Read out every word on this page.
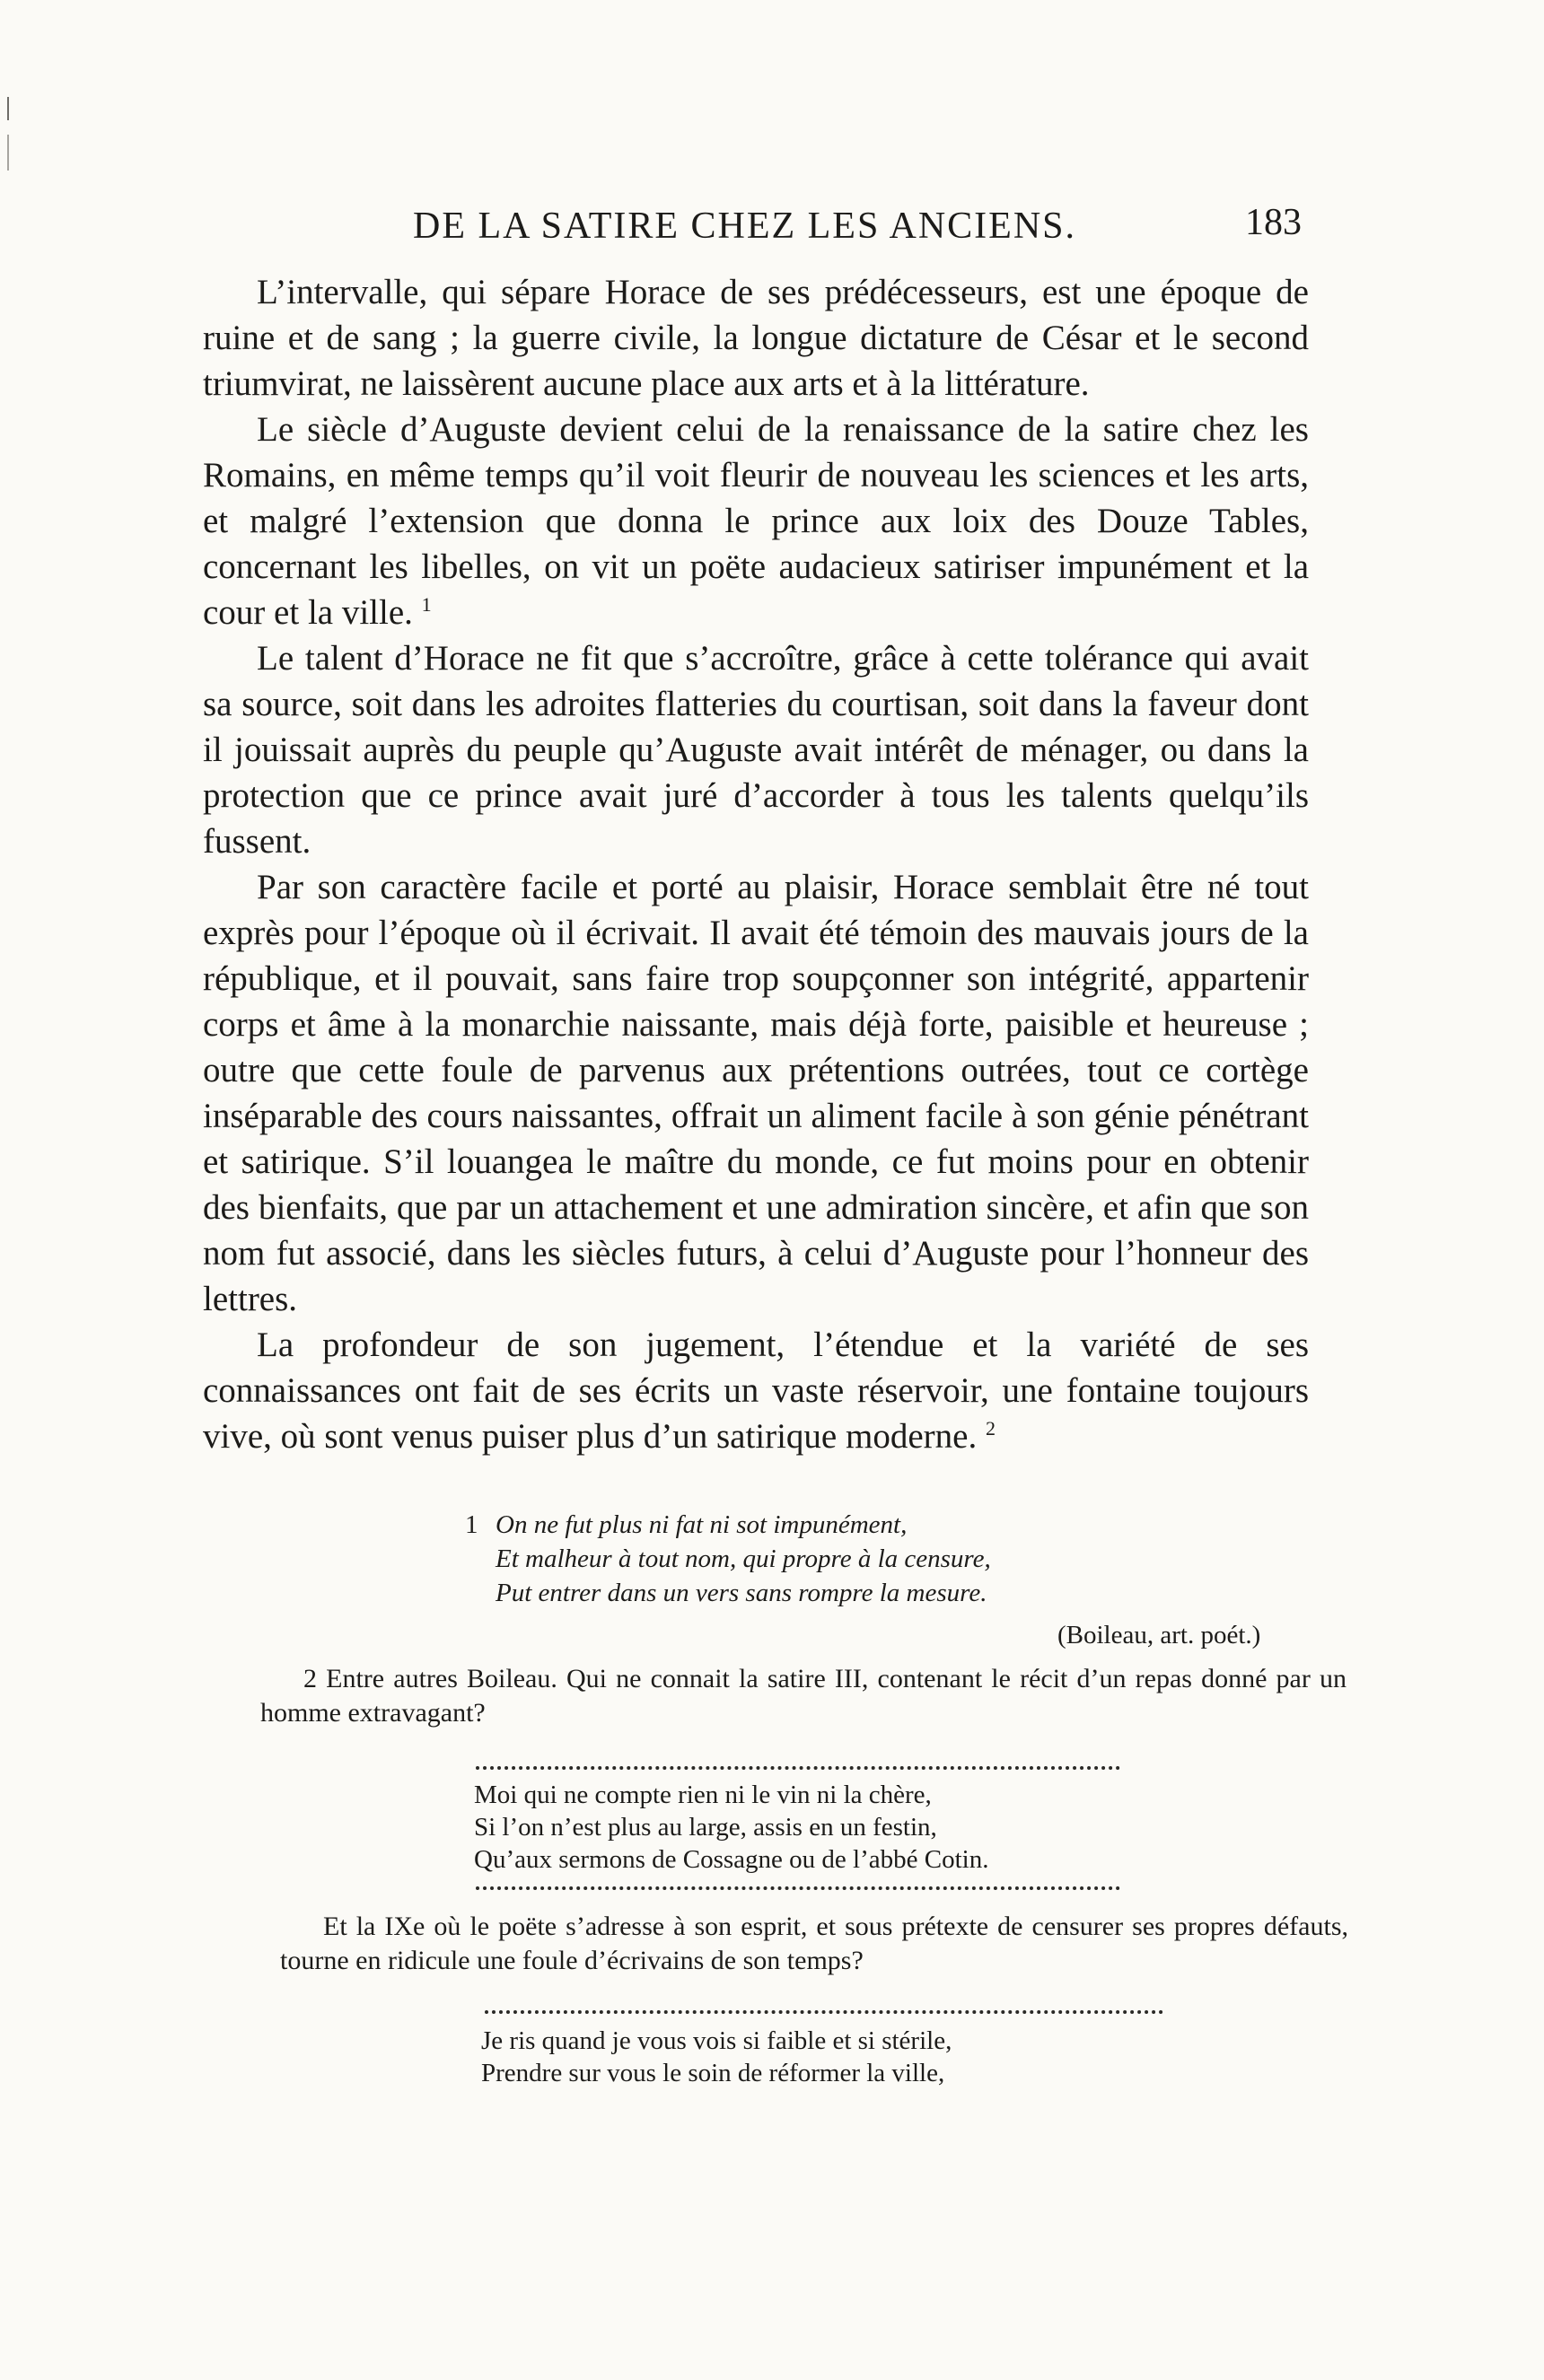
DE LA SATIRE CHEZ LES ANCIENS.	183

L’intervalle, qui sépare Horace de ses prédécesseurs, est une époque de ruine et de sang ; la guerre civile, la longue dictature de César et le second triumvirat, ne laissèrent aucune place aux arts et à la littérature.

Le siècle d’Auguste devient celui de la renaissance de la satire chez les Romains, en même temps qu’il voit fleurir de nouveau les sciences et les arts, et malgré l’extension que donna le prince aux loix des Douze Tables, concernant les libelles, on vit un poëte audacieux satiriser impunément et la cour et la ville. $^1$

Le talent d’Horace ne fit que s’accroître, grâce à cette tolérance qui avait sa source, soit dans les adroites flatteries du courtisan, soit dans la faveur dont il jouissait auprès du peuple qu’Auguste avait intérêt de ménager, ou dans la protection que ce prince avait juré d’accorder à tous les talents quelqu’ils fussent.

Par son caractère facile et porté au plaisir, Horace semblait être né tout exprès pour l’époque où il écrivait. Il avait été témoin des mauvais jours de la république, et il pouvait, sans faire trop soupçonner son intégrité, appartenir corps et âme à la monarchie naissante, mais déjà forte, paisible et heureuse ; outre que cette foule de parvenus aux prétentions outrées, tout ce cortège inséparable des cours naissantes, offrait un aliment facile à son génie pénétrant et satirique. S’il louangea le maître du monde, ce fut moins pour en obtenir des bienfaits, que par un attachement et une admiration sincère, et afin que son nom fut associé, dans les siècles futurs, à celui d’Auguste pour l’honneur des lettres.

La profondeur de son jugement, l’étendue et la variété de ses connaissances ont fait de ses écrits un vaste réservoir, une fontaine toujours vive, où sont venus puiser plus d’un satirique moderne. $^2$

1 On ne fut plus ni fat ni sot impunément,
Et malheur à tout nom, qui propre à la censure,
Put entrer dans un vers sans rompre la mesure.
(Boileau, art. poét.)

2 Entre autres Boileau. Qui ne connait la satire III, contenant le récit d’un repas donné par un homme extravagant?

Moi qui ne compte rien ni le vin ni la chère,
Si l’on n’est plus au large, assis en un festin,
Qu’aux sermons de Cossagne ou de l’abbé Cotin.

Et la IXe où le poëte s’adresse à son esprit, et sous prétexte de censurer ses propres défauts, tourne en ridicule une foule d’écrivains de son temps?

Je ris quand je vous vois si faible et si stérile,
Prendre sur vous le soin de réformer la ville,
